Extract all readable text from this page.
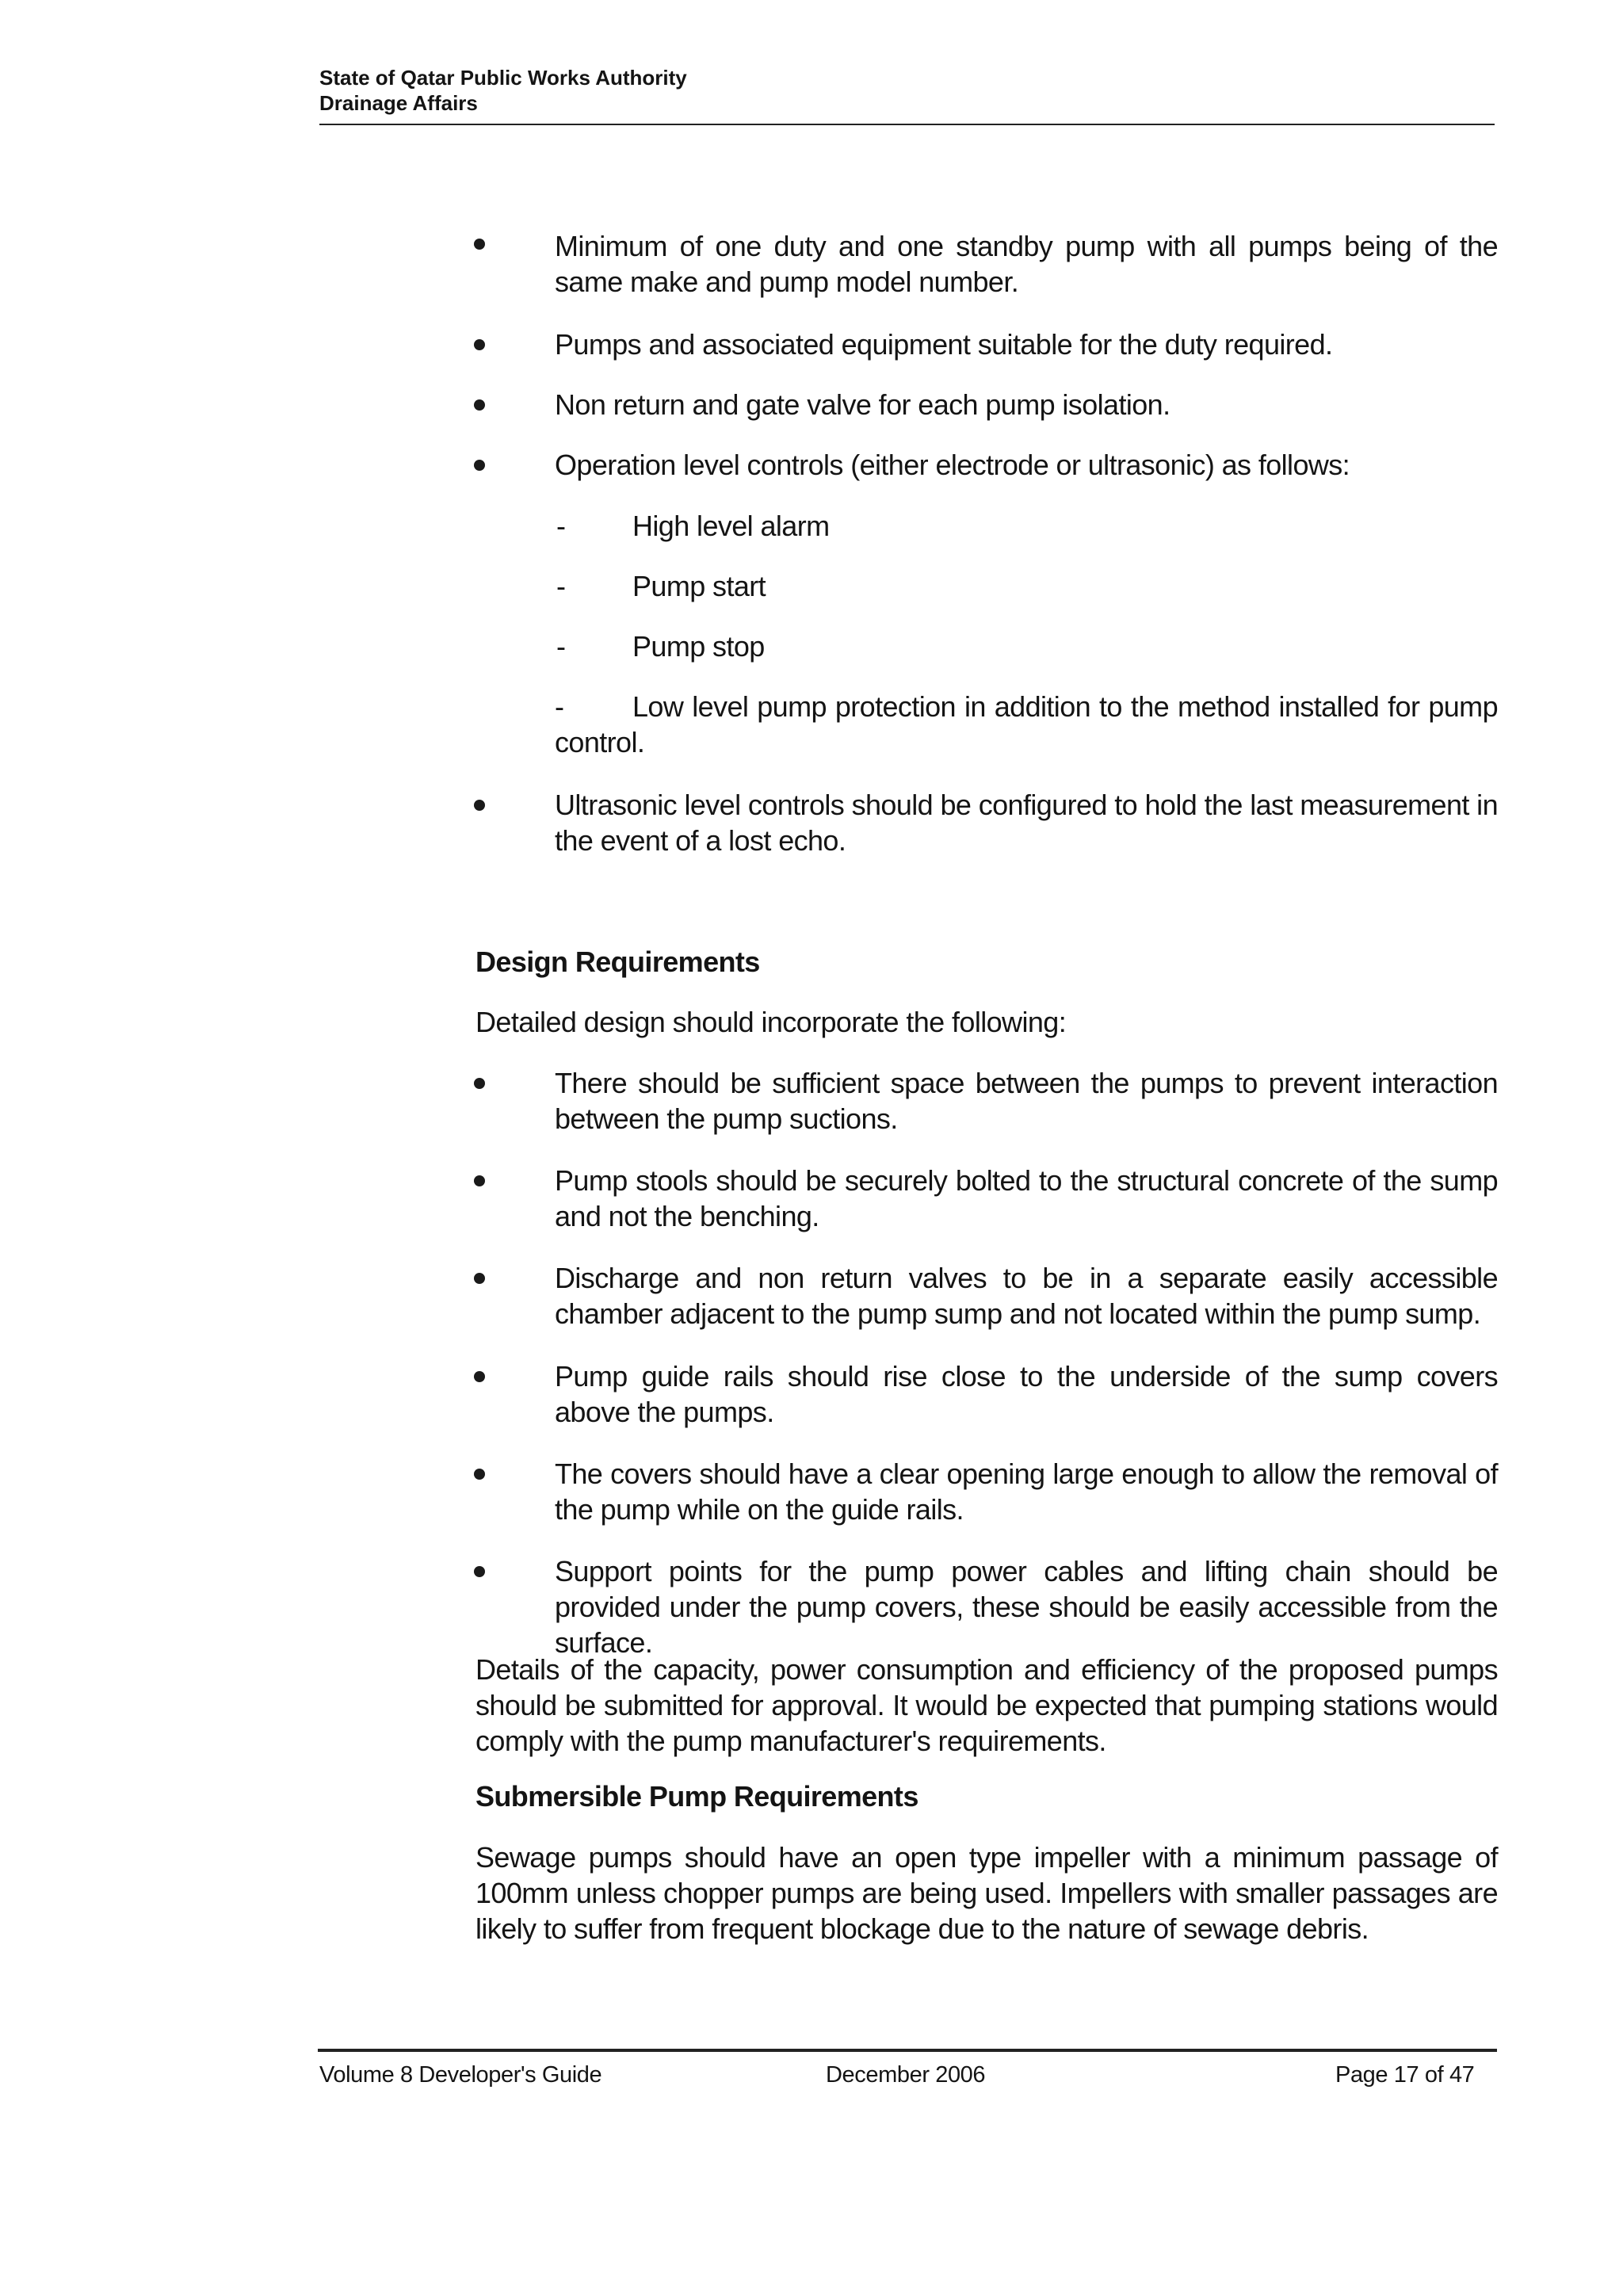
State of Qatar Public Works Authority
Drainage Affairs
Minimum of one duty and one standby pump with all pumps being of the same make and pump model number.
Pumps and associated equipment suitable for the duty required.
Non return and gate valve for each pump isolation.
Operation level controls (either electrode or ultrasonic) as follows:
- High level alarm
- Pump start
- Pump stop
-	Low level pump protection in addition to the method installed for pump
control.
Ultrasonic level controls should be configured to hold the last measurement in the event of a lost echo.
Design Requirements
Detailed design should incorporate the following:
There should be sufficient space between the pumps to prevent interaction between the pump suctions.
Pump stools should be securely bolted to the structural concrete of the sump and not the benching.
Discharge and non return valves to be in a separate easily accessible chamber adjacent to the pump sump and not located within the pump sump.
Pump guide rails should rise close to the underside of the sump covers above the pumps.
The covers should have a clear opening large enough to allow the removal of the pump while on the guide rails.
Support points for the pump power cables and lifting chain should be provided under the pump covers, these should be easily accessible from the surface.
Details of the capacity, power consumption and efficiency of the proposed pumps should be submitted for approval. It would be expected that pumping stations would comply with the pump manufacturer's requirements.
Submersible Pump Requirements
Sewage pumps should have an open type impeller with a minimum passage of 100mm unless chopper pumps are being used. Impellers with smaller passages are likely to suffer from frequent blockage due to the nature of sewage debris.
Volume 8 Developer's Guide	December 2006	Page 17 of 47
